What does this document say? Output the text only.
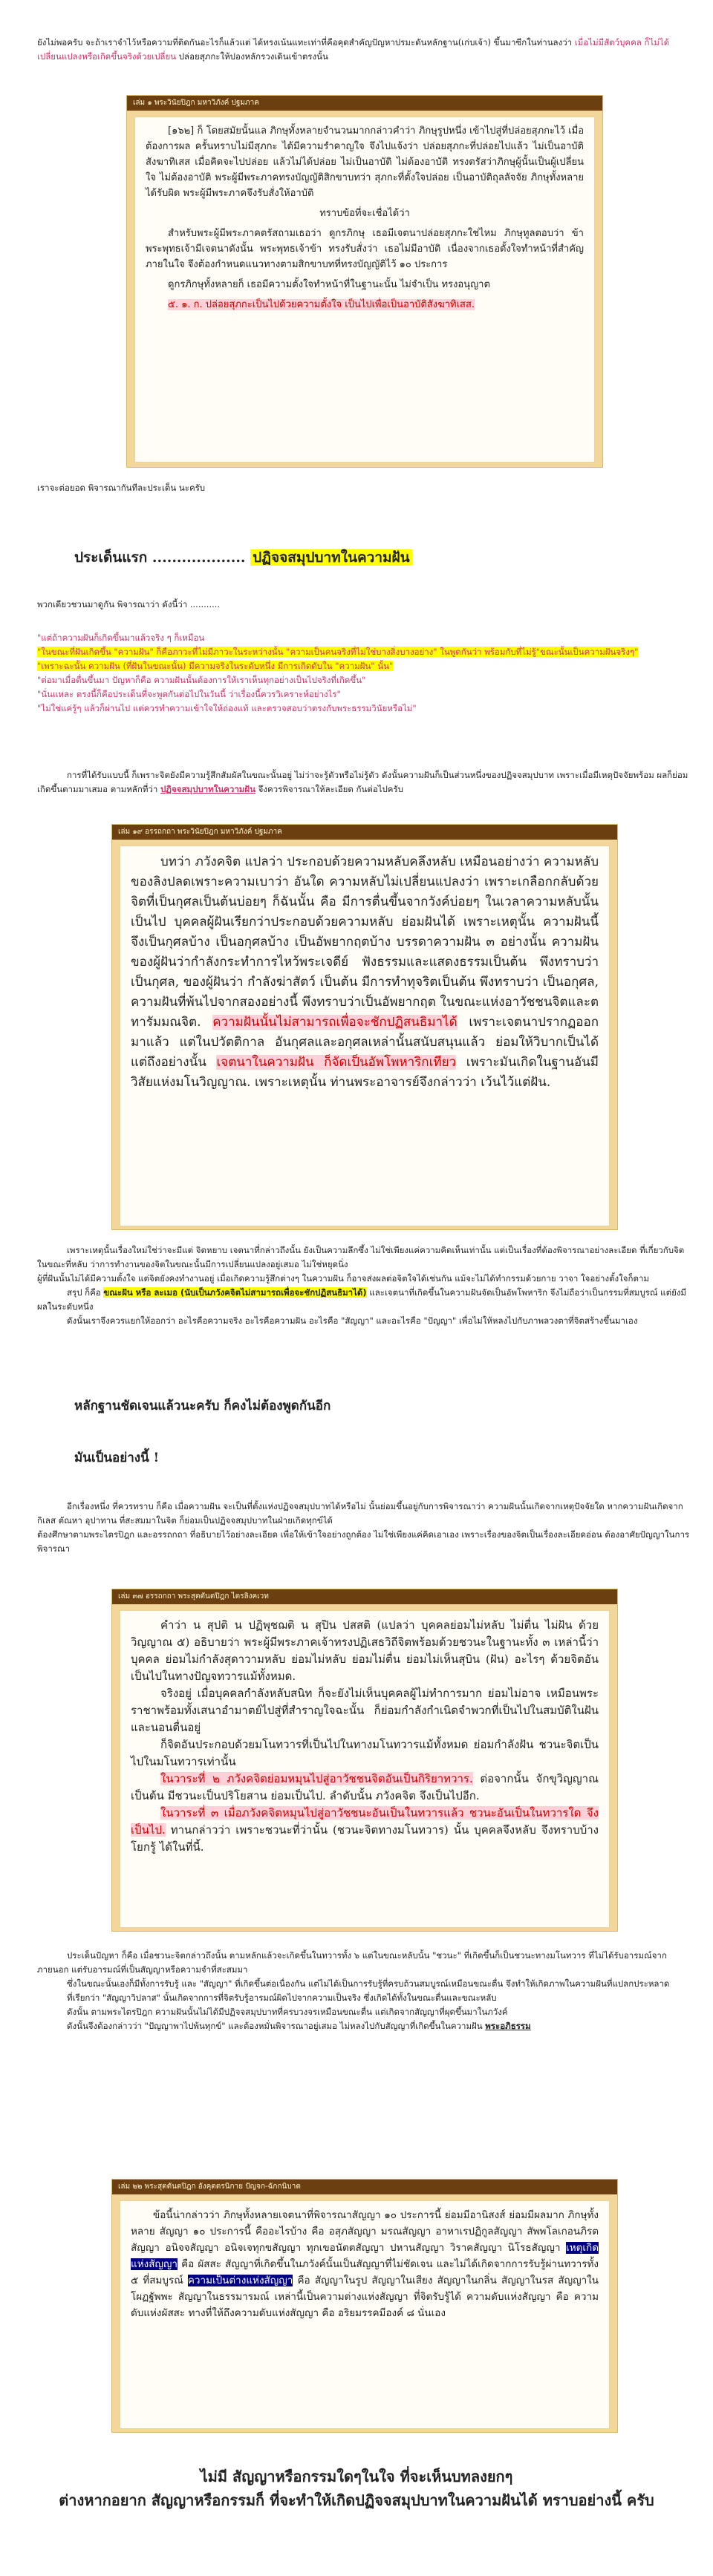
ยังไม่พอครับ จะถ้าเราจำไว้หรือความที่ติดกันอะไรก็แล้วแต่ ได้ทรงเน้นแทะเท่าที่คือคุดสำคัญปัญหาปรมะดันหลักฐาน(เก่บเจ้า) ขึ้นมาซีกในท่านลงว่า เมื่อไม่มีสัตว์บุคคล ก็ไม่ได้เปลี่ยนแปลงหรือเกิดขึ้นจริงด้วยเปลี่ยน ปล่อยสุภกะให้ปองหลักรวงเดินเข้าตรงนั้น

เล่ม ๑ พระวินัยปิฎก มหาวิภังค์ ปฐมภาค

[๑๖๒] ก็ โดยสมัยนั้นแล ภิกษุทั้งหลายจำนวนมากกล่าวคำว่า ภิกษุรูปหนึ่ง เข้าไปสู่ที่ปล่อยสุภกะไว้ เมื่อต้องการผล ครั้นทราบไม่มีสุภกะ ได้มีความรำคาญใจ จึงไปแจ้งว่า ปล่อยสุภกะที่ปล่อยไปแล้ว ไม่เป็นอาบัติสังฆาทิเสส เมื่อคิดจะไปปล่อย แล้วไม่ได้ปล่อย ไม่เป็นอาบัติ ไม่ต้องอาบัติ ทรงตรัสว่าภิกษุผู้นั้นเป็นผู้เปลี่ยนใจ ไม่ต้องอาบัติ พระผู้มีพระภาคทรงบัญญัติสิกขาบทว่า สุภกะที่ตั้งใจปล่อย เป็นอาบัติถุลลัจจัย ภิกษุทั้งหลายได้รับผิด พระผู้มีพระภาคจึงรับสั่งให้อาบัติ

ทราบข้อที่จะเชื่อได้ว่า

สำหรับพระผู้มีพระภาคตรัสถามเธอว่า ดูกรภิกษุ เธอมีเจตนาปล่อยสุภกะใช่ไหม ภิกษุทูลตอบว่า ข้าพระพุทธเจ้ามีเจตนาดังนั้น พระพุทธเจ้าข้า ทรงรับสั่งว่า เธอไม่มีอาบัติ เนื่องจากเธอตั้งใจทำหน้าที่สำคัญภายในใจ จึงต้องกำหนดแนวทางตามสิกขาบทที่ทรงบัญญัติไว้ ๑๐ ประการ

ดูกรภิกษุทั้งหลายก็ เธอมีความตั้งใจทำหน้าที่ในฐานะนั้น ไม่จำเป็น ทรงอนุญาต

๕. ๑. ก. ปล่อยสุภกะเป็นไปด้วยความตั้งใจ เป็นไปเพื่อเป็นอาบัติสังฆาทิเสส.

เราจะต่อยอด พิจารณากันทีละประเด็น นะครับ

ประเด็นแรก ................... ปฏิจจสมุปบาทในความฝัน

พวกเดียวชวนมาดูกัน พิจารณาว่า ดังนี้ว่า ...........

"แต่ถ้าความฝันก็เกิดขึ้นมาแล้วจริง ๆ ก็เหมือน

"ในขณะที่ฝันเกิดขึ้น "ความฝัน" ก็คือภาวะที่ไม่มีภาวะในระหว่างนั้น "ความเป็นคนจริงที่ไม่ใช่บางสิ่งบางอย่าง" ในพูดกันว่า พร้อมกับที่ไม่รู้"ขณะนั้นเป็นความฝันจริงๆ"

"เพราะฉะนั้น ความฝัน (ที่ฝันในขณะนั้น) มีความจริงในระดับหนึ่ง มีการเกิดดับใน "ความฝัน" นั้น"

"ต่อมาเมื่อตื่นขึ้นมา ปัญหาก็คือ ความฝันนั้นต้องการให้เราเห็นทุกอย่างเป็นไปจริงที่เกิดขึ้น"

"นั่นแหละ ตรงนี้ก็คือประเด็นที่จะพูดกันต่อไปในวันนี้ ว่าเรื่องนี้ควรวิเคราะห์อย่างไร"

"ไม่ใช่แค่รู้ๆ แล้วก็ผ่านไป แต่ควรทำความเข้าใจให้ถ่องแท้ และตรวจสอบว่าตรงกับพระธรรมวินัยหรือไม่"

การที่ได้รับแบบนี้ ก็เพราะจิตยังมีความรู้สึกสัมผัสในขณะนั้นอยู่ ไม่ว่าจะรู้ตัวหรือไม่รู้ตัว ดังนั้นความฝันก็เป็นส่วนหนึ่งของปฏิจจสมุปบาท เพราะเมื่อมีเหตุปัจจัยพร้อม ผลก็ย่อมเกิดขึ้นตามมาเสมอ ตามหลักที่ว่า ปฏิจจสมุปบาทในความฝัน จึงควรพิจารณาให้ละเอียด กันต่อไปครับ

เล่ม ๑๙ อรรถกถา พระวินัยปิฎก มหาวิภังค์ ปฐมภาค

บทว่า ภวังคจิต แปลว่า ประกอบด้วยความหลับคลึงหลับ เหมือนอย่างว่า ความหลับของลิงปลดเพราะความเบาว่า อันใด ความหลับไม่เปลี่ยนแปลงว่า เพราะเกลือกกลับด้วยจิตที่เป็นกุศลเป็นต้นบ่อยๆ ก็ฉันนั้น คือ มีการตื่นขึ้นจากวังค์บ่อยๆ ในเวลาความหลับนั้นเป็นไป บุคคลผู้ฝันเรียกว่าประกอบด้วยความหลับ ย่อมฝันได้ เพราะเหตุนั้น ความฝันนี้ จึงเป็นกุศลบ้าง เป็นอกุศลบ้าง เป็นอัพยากฤตบ้าง บรรดาความฝัน ๓ อย่างนั้น ความฝันของผู้ฝันว่ากำลังกระทำการไหว้พระเจดีย์ ฟังธรรมและแสดงธรรมเป็นต้น พึงทราบว่าเป็นกุศล, ของผู้ฝันว่า กำลังฆ่าสัตว์ เป็นต้น มีการทำทุจริตเป็นต้น พึงทราบว่า เป็นอกุศล, ความฝันที่พ้นไปจากสองอย่างนี้ พึงทราบว่าเป็นอัพยากฤต ในขณะแห่งอาวัชชนจิตและตทารัมมณจิต. ความฝันนั้นไม่สามารถเพื่อจะชักปฏิสนธิมาได้ เพราะเจตนาปรากฏออกมาแล้ว แต่ในปวัตติกาล อันกุศลและอกุศลเหล่านั้นสนับสนุนแล้ว ย่อมให้วิบากเป็นได้ แต่ถึงอย่างนั้น เจตนาในความฝัน ก็จัดเป็นอัพโพหาริกเทียว เพราะมันเกิดในฐานอันมีวิสัยแห่งมโนวิญญาณ. เพราะเหตุนั้น ท่านพระอาจารย์จึงกล่าวว่า เว้นไว้แต่ฝัน.

เพราะเหตุนั้นเรื่องใหม่ใช่ว่าจะมีแต่ จิตหยาบ เจตนาที่กล่าวถึงนั้น ยังเป็นความลึกซึ้ง ไม่ใช่เพียงแค่ความคิดเห็นเท่านั้น แต่เป็นเรื่องที่ต้องพิจารณาอย่างละเอียด ที่เกี่ยวกับจิตในขณะที่หลับ ว่าการทำงานของจิตในขณะนั้นมีการเปลี่ยนแปลงอยู่เสมอ ไม่ใช่หยุดนิ่ง

ผู้ที่ฝันนั้นไม่ได้มีความตั้งใจ แต่จิตยังคงทำงานอยู่ เมื่อเกิดความรู้สึกต่างๆ ในความฝัน ก็อาจส่งผลต่อจิตใจได้เช่นกัน แม้จะไม่ได้ทำกรรมด้วยกาย วาจา ใจอย่างตั้งใจก็ตาม

สรุป ก็คือ ขณะฝัน หรือ ละเมอ (นับเป็นภวังคจิตไม่สามารถเพื่อจะชักปฏิสนธิมาได้) และเจตนาที่เกิดขึ้นในความฝันจัดเป็นอัพโพหาริก จึงไม่ถือว่าเป็นกรรมที่สมบูรณ์ แต่ยังมีผลในระดับหนึ่ง

ดังนั้นเราจึงควรแยกให้ออกว่า อะไรคือความจริง อะไรคือความฝัน อะไรคือ "สัญญา" และอะไรคือ "ปัญญา" เพื่อไม่ให้หลงไปกับภาพลวงตาที่จิตสร้างขึ้นมาเอง

หลักฐานชัดเจนแล้วนะครับ ก็คงไม่ต้องพูดกันอีก
มันเป็นอย่างนี้ !

อีกเรื่องหนึ่ง ที่ควรทราบ ก็คือ เมื่อความฝัน จะเป็นที่ตั้งแห่งปฏิจจสมุปบาทได้หรือไม่ นั้นย่อมขึ้นอยู่กับการพิจารณาว่า ความฝันนั้นเกิดจากเหตุปัจจัยใด หากความฝันเกิดจากกิเลส ตัณหา อุปาทาน ที่สะสมมาในจิต ก็ย่อมเป็นปฏิจจสมุปบาทในฝ่ายเกิดทุกข์ได้

ต้องศึกษาตามพระไตรปิฎก และอรรถกถา ที่อธิบายไว้อย่างละเอียด เพื่อให้เข้าใจอย่างถูกต้อง ไม่ใช่เพียงแค่คิดเอาเอง เพราะเรื่องของจิตเป็นเรื่องละเอียดอ่อน ต้องอาศัยปัญญาในการพิจารณา

เล่ม ๓๗ อรรถกถา พระสุตตันตปิฎก ไตรลิงคเวท

คำว่า น สุปติ น ปฏิพุชฌติ น สุปิน ปสสติ (แปลว่า บุคคลย่อมไม่หลับ ไม่ตื่น ไม่ฝัน ด้วยวิญญาณ ๕) อธิบายว่า พระผู้มีพระภาคเจ้าทรงปฏิเสธวิถีจิตพร้อมด้วยชวนะในฐานะทั้ง ๓ เหล่านี้ว่า บุคคล ย่อมไม่กำลังสุดาวามหลับ ย่อมไม่หลับ ย่อมไม่ตื่น ย่อมไม่เห็นสุบิน (ฝัน) อะไรๆ ด้วยจิตอันเป็นไปในทางปัญจทวารแม้ทั้งหมด.

จริงอยู่ เมื่อบุคคลกำลังหลับสนิท ก็จะยังไม่เห็นบุคคลผู้ไม่ทำการมาก ย่อมไม่อาจ เหมือนพระราชาพร้อมทั้งเสนาอำมาตย์ไปสู่ที่สำราญใจฉะนั้น ก็ย่อมกำลังกำเนิดจำพวกที่เป็นไปในสมบัติในฝันและนอนตื่นอยู่

ก็จิตอันประกอบด้วยมโนทวารที่เป็นไปในทางมโนทวารแม้ทั้งหมด ย่อมกำลังฝัน ชวนะจิตเป็นไปในมโนทวารเท่านั้น

ในวาระที่ ๒ ภวังคจิตย่อมหมุนไปสู่อาวัชชนจิตอันเป็นกิริยาทวาร. ต่อจากนั้น จักขุวิญญาณเป็นต้น มีชวนะเป็นปริโยสาน ย่อมเป็นไป. ลำดับนั้น ภวังคจิต จึงเป็นไปอีก.

ในวาระที่ ๓ เมื่อภวังคจิตหมุนไปสู่อาวัชชนะอันเป็นในทวารแล้ว ชวนะอันเป็นในทวารใด จึงเป็นไป. ทานกล่าวว่า เพราะชวนะที่ว่านั้น (ชวนะจิตทางมโนทวาร) นั้น บุคคลจึงหลับ จึงทราบบ้าง โยกรู้ ได้ในที่นี้.

ประเด็นปัญหา ก็คือ เมื่อชวนะจิตกล่าวถึงนั้น ตามหลักแล้วจะเกิดขึ้นในทวารทั้ง ๖ แต่ในขณะหลับนั้น "ชวนะ" ที่เกิดขึ้นก็เป็นชวนะทางมโนทวาร ที่ไม่ได้รับอารมณ์จากภายนอก แต่รับอารมณ์ที่เป็นสัญญาหรือความจำที่สะสมมา

ซึ่งในขณะนั้นเองก็มีทั้งการรับรู้ และ "สัญญา" ที่เกิดขึ้นต่อเนื่องกัน แต่ไม่ได้เป็นการรับรู้ที่ครบถ้วนสมบูรณ์เหมือนขณะตื่น จึงทำให้เกิดภาพในความฝันที่แปลกประหลาด

ที่เรียกว่า "สัญญาวิปลาส" นั้นเกิดจากการที่จิตรับรู้อารมณ์ผิดไปจากความเป็นจริง ซึ่งเกิดได้ทั้งในขณะตื่นและขณะหลับ

ดังนั้น ตามพระไตรปิฎก ความฝันนั้นไม่ได้มีปฏิจจสมุปบาทที่ครบวงจรเหมือนขณะตื่น แต่เกิดจากสัญญาที่ผุดขึ้นมาในภวังค์

ดังนั้นจึงต้องกล่าวว่า "ปัญญาพาไปพ้นทุกข์" และต้องหมั่นพิจารณาอยู่เสมอ ไม่หลงไปกับสัญญาที่เกิดขึ้นในความฝัน พระอภิธรรม

เล่ม ๒๒ พระสุตตันตปิฎก อังคุตตรนิกาย ปัญจก-ฉักกนิบาต

ข้อนี้น่ากล่าวว่า ภิกษุทั้งหลายเจตนาที่พิจารณาสัญญา ๑๐ ประการนี้ ย่อมมีอานิสงส์ ย่อมมีผลมาก ภิกษุทั้งหลาย สัญญา ๑๐ ประการนี้ คืออะไรบ้าง คือ อสุภสัญญา มรณสัญญา อาหาเรปฏิกูลสัญญา สัพพโลเกอนภิรตสัญญา อนิจจสัญญา อนิจเจทุกขสัญญา ทุกเขอนัตตสัญญา ปหานสัญญา วิราคสัญญา นิโรธสัญญา เหตุเกิดแห่งสัญญา คือ ผัสสะ สัญญาที่เกิดขึ้นในภวังค์นั้นเป็นสัญญาที่ไม่ชัดเจน และไม่ได้เกิดจากการรับรู้ผ่านทวารทั้ง ๕ ที่สมบูรณ์ ความเป็นต่างแห่งสัญญา คือ สัญญาในรูป สัญญาในเสียง สัญญาในกลิ่น สัญญาในรส สัญญาในโผฏฐัพพะ สัญญาในธรรมารมณ์ เหล่านี้เป็นความต่างแห่งสัญญา ที่จิตรับรู้ได้ ความดับแห่งสัญญา คือ ความดับแห่งผัสสะ ทางที่ให้ถึงความดับแห่งสัญญา คือ อริยมรรคมีองค์ ๘ นั่นเอง

ไม่มี สัญญาหรือกรรมใดๆในใจ ที่จะเห็นบทลงยกๆ
ต่างหากอยาก สัญญาหรือกรรมก็ ที่จะทำให้เกิดปฏิจจสมุปบาทในความฝันได้ ทราบอย่างนี้ ครับ
